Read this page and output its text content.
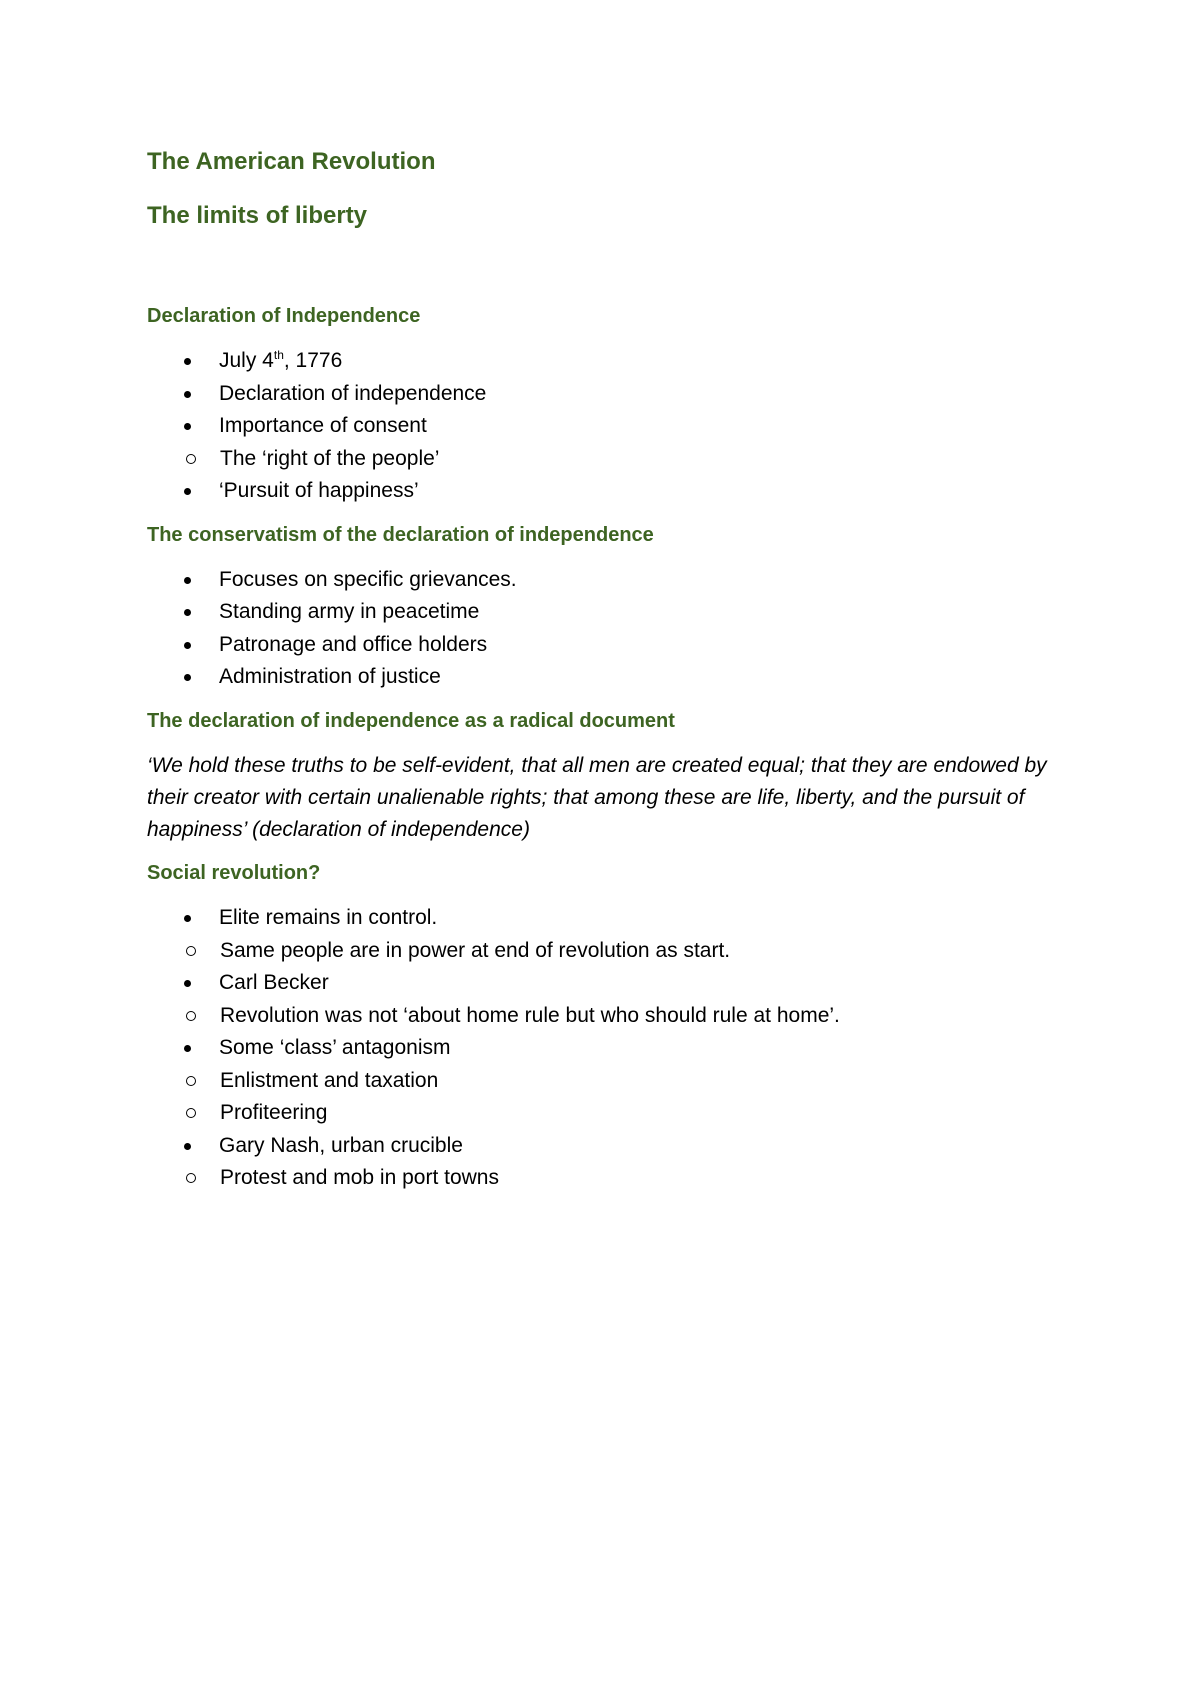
The American Revolution

The limits of liberty

Declaration of Independence

July 4th, 1776
Declaration of independence
Importance of consent
The ‘right of the people’
‘Pursuit of happiness’

The conservatism of the declaration of independence

Focuses on specific grievances.
Standing army in peacetime
Patronage and office holders
Administration of justice

The declaration of independence as a radical document

‘We hold these truths to be self-evident, that all men are created equal; that they are endowed by their creator with certain unalienable rights; that among these are life, liberty, and the pursuit of happiness’ (declaration of independence)

Social revolution?

Elite remains in control.
Same people are in power at end of revolution as start.
Carl Becker
Revolution was not ‘about home rule but who should rule at home’.
Some ‘class’ antagonism
Enlistment and taxation
Profiteering
Gary Nash, urban crucible
Protest and mob in port towns
